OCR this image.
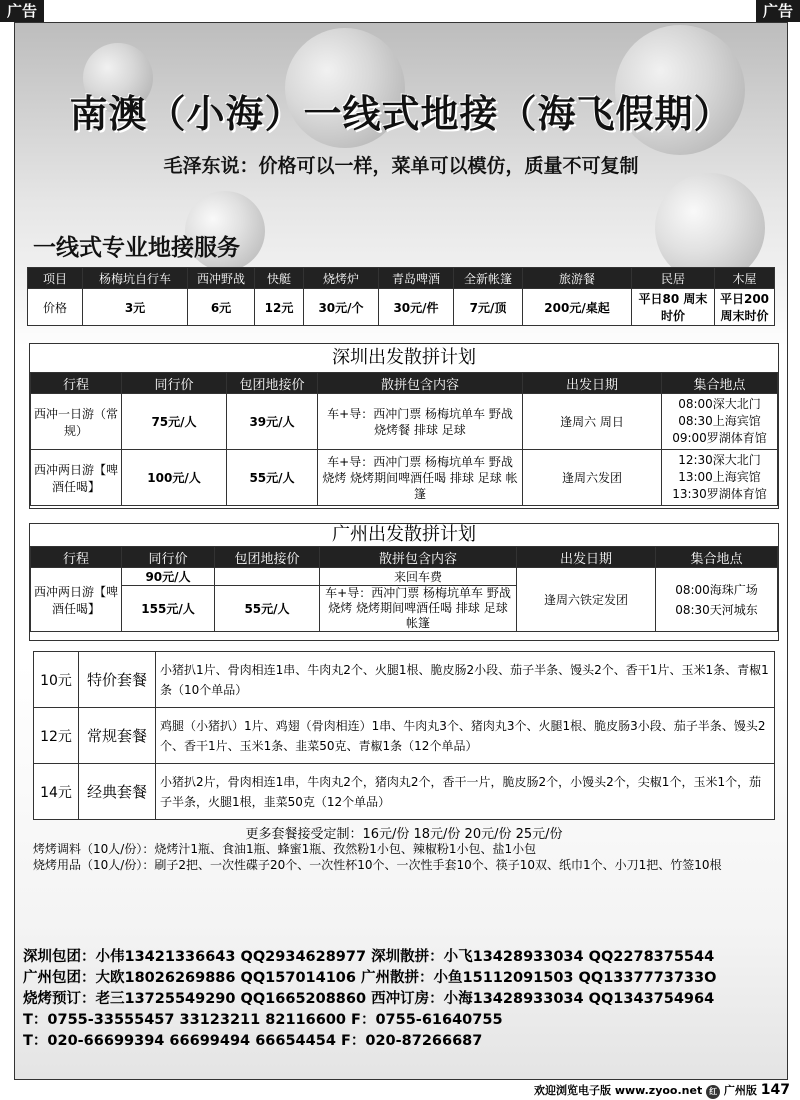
广告	广告
南澳（小海）一线式地接（海飞假期）
毛泽东说：价格可以一样，菜单可以模仿，质量不可复制
一线式专业地接服务
项目	杨梅坑自行车	西冲野战	快艇	烧烤炉	青岛啤酒	全新帐篷	旅游餐	民居	木屋
价格	3元	6元	12元	30元/个	30元/件	7元/顶	200元/桌起	平日80 周末时价	平日200 周末时价
深圳出发散拼计划
行程	同行价	包团地接价	散拼包含内容	出发日期	集合地点
西冲一日游（常规）	75元/人	39元/人	车+导：西冲门票 杨梅坑单车 野战 烧烤餐 排球 足球	逢周六 周日	08:00深大北门
08:30上海宾馆
09:00罗湖体育馆

西冲两日游【啤酒任喝】	100元/人	55元/人	车+导：西冲门票 杨梅坑单车 野战 烧烤 烧烤期间啤酒任喝 排球 足球 帐篷	逢周六发团	12:30深大北门
13:00上海宾馆
13:30罗湖体育馆
广州出发散拼计划
行程	同行价	包团地接价	散拼包含内容	出发日期	集合地点
西冲两日游【啤酒任喝】	90元/人		来回车费	逢周六铁定发团	08:00海珠广场
08:30天河城东

	155元/人	55元/人	车+导：西冲门票 杨梅坑单车 野战 烧烤 烧烤期间啤酒任喝 排球 足球 帐篷		
10元	特价套餐	小猪扒1片、骨肉相连1串、牛肉丸2个、火腿1根、脆皮肠2小段、茄子半条、馒头2个、香干1片、玉米1条、青椒1条（10个单品）
12元	常规套餐	鸡腿（小猪扒）1片、鸡翅（骨肉相连）1串、牛肉丸3个、猪肉丸3个、火腿1根、脆皮肠3小段、茄子半条、馒头2个、香干1片、玉米1条、韭菜50克、青椒1条（12个单品）
14元	经典套餐	小猪扒2片，骨肉相连1串，牛肉丸2个，猪肉丸2个，香干一片，脆皮肠2个，小馒头2个，尖椒1个，玉米1个，茄子半条，火腿1根，韭菜50克（12个单品）
更多套餐接受定制：16元/份 18元/份 20元/份 25元/份
烤烤调料（10人/份）：烧烤汁1瓶、食油1瓶、蜂蜜1瓶、孜然粉1小包、辣椒粉1小包、盐1小包
烧烤用品（10人/份）：刷子2把、一次性碟子20个、一次性杯10个、一次性手套10个、筷子10双、纸巾1个、小刀1把、竹签10根
深圳包团：小伟13421336643 QQ2934628977 深圳散拼：小飞13428933034 QQ2278375544
广州包团：大欧18026269886 QQ157014106 广州散拼：小鱼15112091503 QQ1337773733O
烧烤预订：老三13725549290 QQ1665208860 西冲订房：小海13428933034 QQ1343754964
T：0755-33555457 33123211 82116600 F：0755-61640755
T：020-66699394 66699494 66654454 F：020-87266687
欢迎浏览电子版 www.zyoo.net 红 广州版 147
